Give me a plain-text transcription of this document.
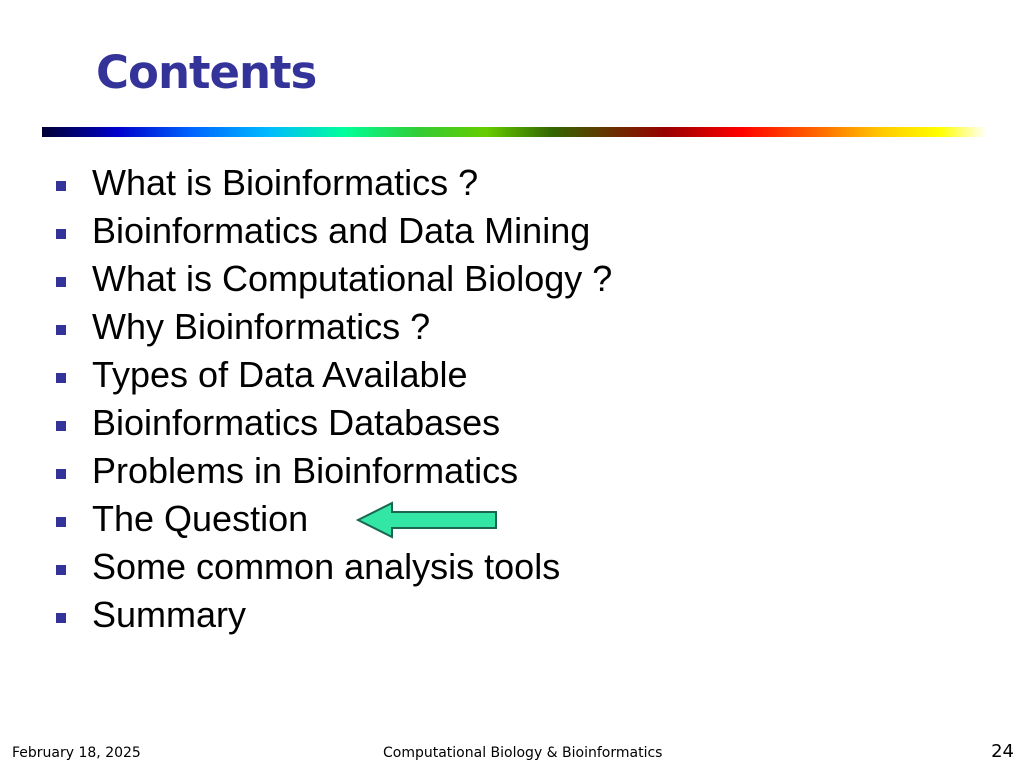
Contents
What is Bioinformatics ?
Bioinformatics and Data Mining
What is Computational Biology ?
Why Bioinformatics ?
Types of Data Available
Bioinformatics Databases
Problems in Bioinformatics
The Question
Some common analysis tools
Summary
February 18, 2025	Computational Biology & Bioinformatics	24
